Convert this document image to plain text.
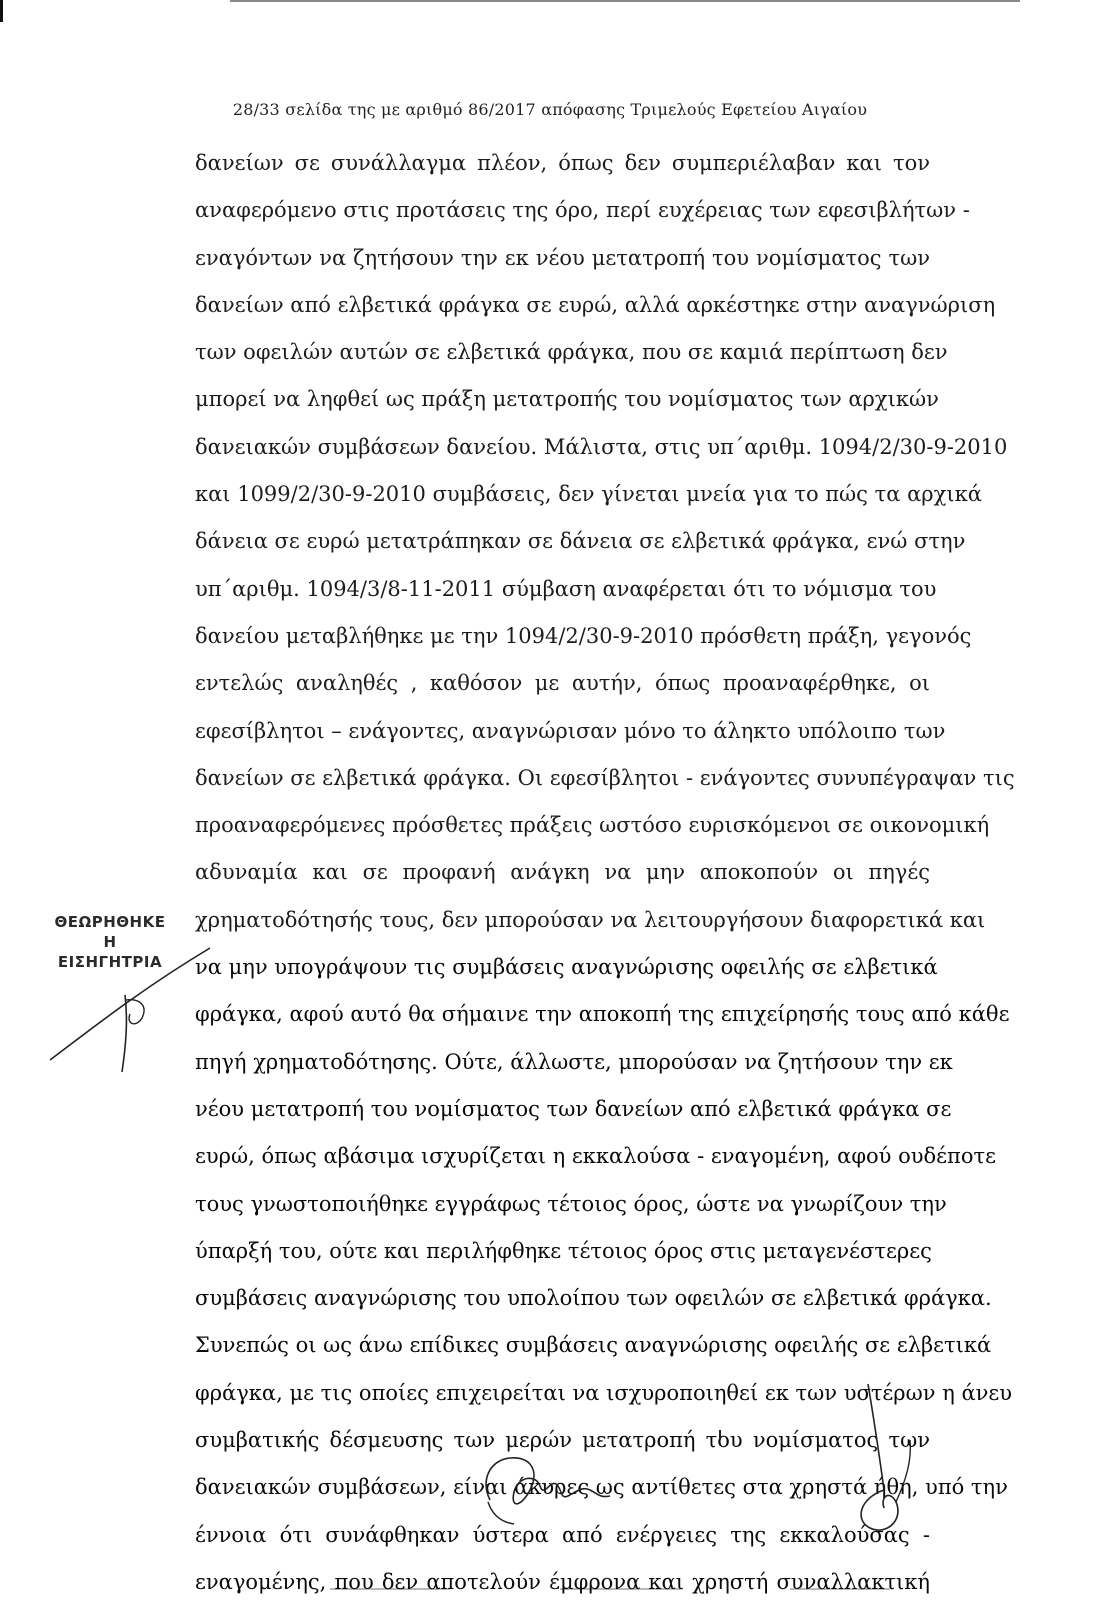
28/33 σελίδα της με αριθμό 86/2017 απόφασης Τριμελούς Εφετείου Αιγαίου
δανείων σε συνάλλαγμα πλέον, όπως δεν συμπεριέλαβαν και τον
αναφερόμενο στις προτάσεις της όρο, περί ευχέρειας των εφεσιβλήτων -
εναγόντων να ζητήσουν την εκ νέου μετατροπή του νομίσματος των
δανείων από ελβετικά φράγκα σε ευρώ, αλλά αρκέστηκε στην αναγνώριση
των οφειλών αυτών σε ελβετικά φράγκα, που σε καμιά περίπτωση δεν
μπορεί να ληφθεί ως πράξη μετατροπής του νομίσματος των αρχικών
δανειακών συμβάσεων δανείου. Μάλιστα, στις υπ΄αριθμ. 1094/2/30-9-2010
και 1099/2/30-9-2010 συμβάσεις, δεν γίνεται μνεία για το πώς τα αρχικά
δάνεια σε ευρώ μετατράπηκαν σε δάνεια σε ελβετικά φράγκα, ενώ στην
υπ΄αριθμ. 1094/3/8-11-2011 σύμβαση αναφέρεται ότι το νόμισμα του
δανείου μεταβλήθηκε με την 1094/2/30-9-2010 πρόσθετη πράξη, γεγονός
εντελώς αναληθές , καθόσον με αυτήν, όπως προαναφέρθηκε, οι
εφεσίβλητοι – ενάγοντες, αναγνώρισαν μόνο το άληκτο υπόλοιπο των
δανείων σε ελβετικά φράγκα. Οι εφεσίβλητοι - ενάγοντες συνυπέγραψαν τις
προαναφερόμενες πρόσθετες πράξεις ωστόσο ευρισκόμενοι σε οικονομική
αδυναμία και σε προφανή ανάγκη να μην αποκοπούν οι πηγές
χρηματοδότησής τους, δεν μπορούσαν να λειτουργήσουν διαφορετικά και
να μην υπογράψουν τις συμβάσεις αναγνώρισης οφειλής σε ελβετικά
φράγκα, αφού αυτό θα σήμαινε την αποκοπή της επιχείρησής τους από κάθε
πηγή χρηματοδότησης. Ούτε, άλλωστε, μπορούσαν να ζητήσουν την εκ
νέου μετατροπή του νομίσματος των δανείων από ελβετικά φράγκα σε
ευρώ, όπως αβάσιμα ισχυρίζεται η εκκαλούσα - εναγομένη, αφού ουδέποτε
τους γνωστοποιήθηκε εγγράφως τέτοιος όρος, ώστε να γνωρίζουν την
ύπαρξή του, ούτε και περιλήφθηκε τέτοιος όρος στις μεταγενέστερες
συμβάσεις αναγνώρισης του υπολοίπου των οφειλών σε ελβετικά φράγκα.
Συνεπώς οι ως άνω επίδικες συμβάσεις αναγνώρισης οφειλής σε ελβετικά
φράγκα, με τις οποίες επιχειρείται να ισχυροποιηθεί εκ των υστέρων η άνευ
συμβατικής δέσμευσης των μερών μετατροπή του νομίσματος των
δανειακών συμβάσεων, είναι άκυρες ως αντίθετες στα χρηστά ήθη, υπό την
έννοια ότι συνάφθηκαν ύστερα από ενέργειες της εκκαλούσας -
εναγομένης, που δεν αποτελούν έμφρονα και χρηστή συναλλακτική
ΘΕΩΡΗΘΗΚΕ
Η
ΕΙΣΗΓΗΤΡΙΑ
